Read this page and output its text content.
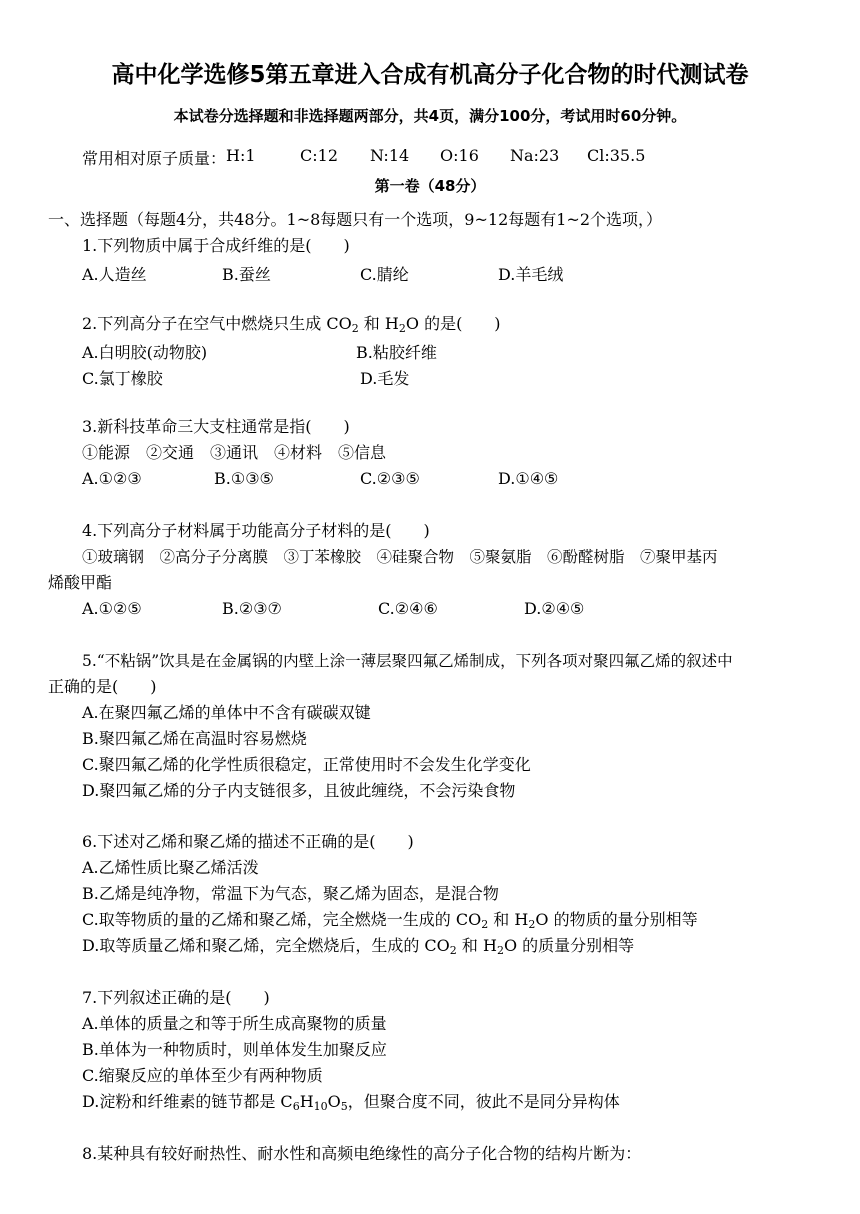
高中化学选修5第五章进入合成有机高分子化合物的时代测试卷
本试卷分选择题和非选择题两部分，共4页，满分100分，考试用时60分钟。
常用相对原子质量： H:1	C:12 N:14 O:16 Na:23 Cl:35.5
第一卷（48分）
一、选择题（每题4分，共48分。1~8每题只有一个选项，9~12每题有1~2个选项，）
1.下列物质中属于合成纤维的是(　　)
A.人造丝	B.蚕丝	C.腈纶	D.羊毛绒
2.下列高分子在空气中燃烧只生成 $CO_2$ 和 $H_2O$ 的是(　　)
A.白明胶(动物胶)	B.粘胶纤维
C.氯丁橡胶	D.毛发
3.新科技革命三大支柱通常是指(　　)
①能源　②交通　③通讯　④材料　⑤信息
A.①②③	B.①③⑤	C.②③⑤	D.①④⑤
4.下列高分子材料属于功能高分子材料的是(　　)
①玻璃钢　②高分子分离膜　③丁苯橡胶　④硅聚合物　⑤聚氨脂　⑥酚醛树脂　⑦聚甲基丙
烯酸甲酯
A.①②⑤	B.②③⑦	C.②④⑥	D.②④⑤
5.“不粘锅”饮具是在金属锅的内壁上涂一薄层聚四氟乙烯制成，下列各项对聚四氟乙烯的叙述中
正确的是(　　)
A.在聚四氟乙烯的单体中不含有碳碳双键
B.聚四氟乙烯在高温时容易燃烧
C.聚四氟乙烯的化学性质很稳定，正常使用时不会发生化学变化
D.聚四氟乙烯的分子内支链很多，且彼此缠绕，不会污染食物
6.下述对乙烯和聚乙烯的描述不正确的是(　　)
A.乙烯性质比聚乙烯活泼
B.乙烯是纯净物，常温下为气态，聚乙烯为固态，是混合物
C.取等物质的量的乙烯和聚乙烯，完全燃烧一生成的 $CO_2$ 和 $H_2O$ 的物质的量分别相等
D.取等质量乙烯和聚乙烯，完全燃烧后，生成的 $CO_2$ 和 $H_2O$ 的质量分别相等
7.下列叙述正确的是(　　)
A.单体的质量之和等于所生成高聚物的质量
B.单体为一种物质时，则单体发生加聚反应
C.缩聚反应的单体至少有两种物质
D.淀粉和纤维素的链节都是 $C_6H_{10}O_5$，但聚合度不同，彼此不是同分异构体
8.某种具有较好耐热性、耐水性和高频电绝缘性的高分子化合物的结构片断为：
